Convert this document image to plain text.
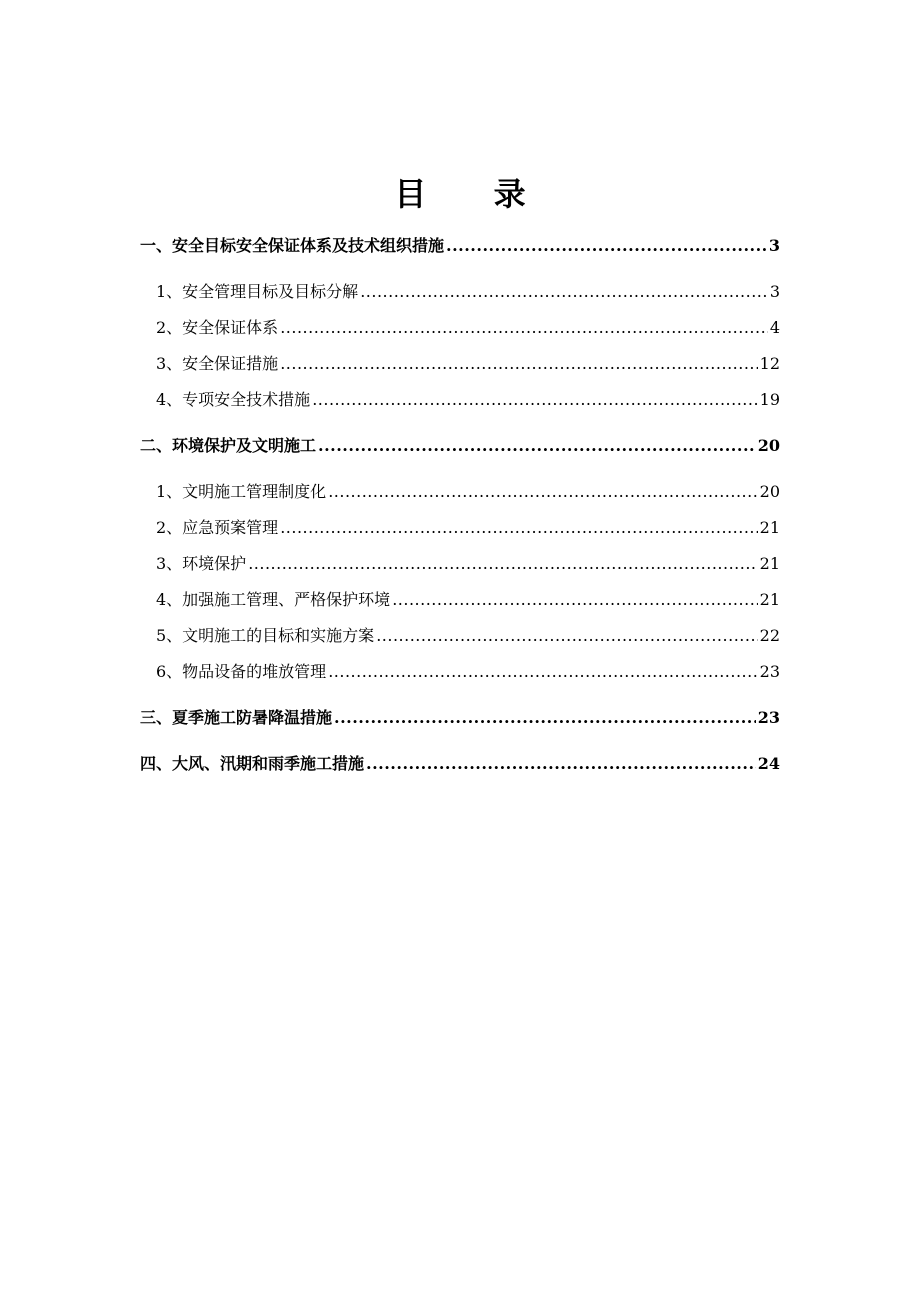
目 录
一、安全目标安全保证体系及技术组织措施 .....	3
1、安全管理目标及目标分解 .....	3
2、安全保证体系 .....	4
3、安全保证措施 .....	12
4、专项安全技术措施 .....	19
二、环境保护及文明施工 .....	20
1、文明施工管理制度化 .....	20
2、应急预案管理 .....	21
3、环境保护 .....	21
4、加强施工管理、严格保护环境 .....	21
5、文明施工的目标和实施方案 .....	22
6、物品设备的堆放管理 .....	23
三、夏季施工防暑降温措施 .....	23
四、大风、汛期和雨季施工措施 .....	24
